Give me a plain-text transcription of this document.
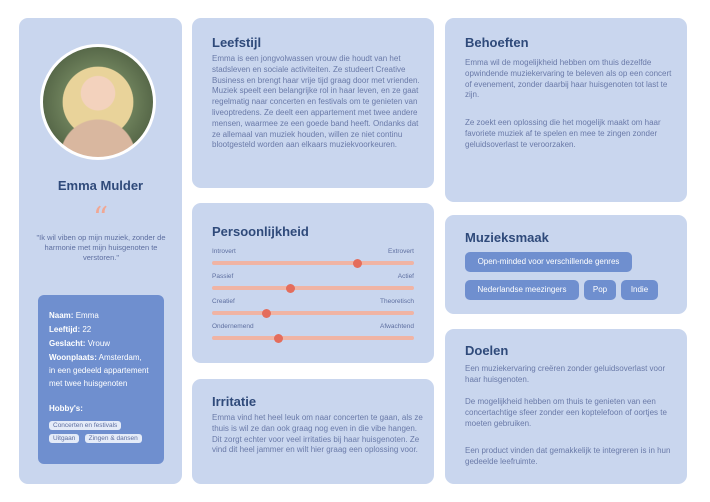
Emma Mulder
“
"Ik wil viben op mijn muziek, zonder de harmonie met mijn huisgenoten te verstoren."
Naam: Emma
Leeftijd: 22
Geslacht: Vrouw
Woonplaats: Amsterdam,
in een gedeeld appartement
met twee huisgenoten
Hobby's:
Concerten en festivals
Uitgaan Zingen & dansen
Leefstijl
Emma is een jongvolwassen vrouw die houdt van het stadsleven en sociale activiteiten. Ze studeert Creative Business en brengt haar vrije tijd graag door met vrienden. Muziek speelt een belangrijke rol in haar leven, en ze gaat regelmatig naar concerten en festivals om te genieten van liveoptredens. Ze deelt een appartement met twee andere mensen, waarmee ze een goede band heeft. Ondanks dat ze allemaal van muziek houden, willen ze niet continu blootgesteld worden aan elkaars muziekvoorkeuren.
Persoonlijkheid
Introvert	Extrovert
Passief	Actief
Creatief	Theoretisch
Ondernemend	Afwachtend
Irritatie
Emma vind het heel leuk om naar concerten te gaan, als ze thuis is wil ze dan ook graag nog even in die vibe hangen. Dit zorgt echter voor veel irritaties bij haar huisgenoten. Ze vind dit heel jammer en wilt hier graag een oplossing voor.
Behoeften
Emma wil de mogelijkheid hebben om thuis dezelfde opwindende muziekervaring te beleven als op een concert of evenement, zonder daarbij haar huisgenoten tot last te zijn.
Ze zoekt een oplossing die het mogelijk maakt om haar favoriete muziek af te spelen en mee te zingen zonder geluidsoverlast te veroorzaken.
Muzieksmaak
Open-minded voor verschillende genres
Nederlandse meezingers	Pop	Indie
Doelen
Een muziekervaring creëren zonder geluidsoverlast voor haar huisgenoten.
De mogelijkheid hebben om thuis te genieten van een concertachtige sfeer zonder een koptelefoon of oortjes te moeten gebruiken.
Een product vinden dat gemakkelijk te integreren is in hun gedeelde leefruimte.
